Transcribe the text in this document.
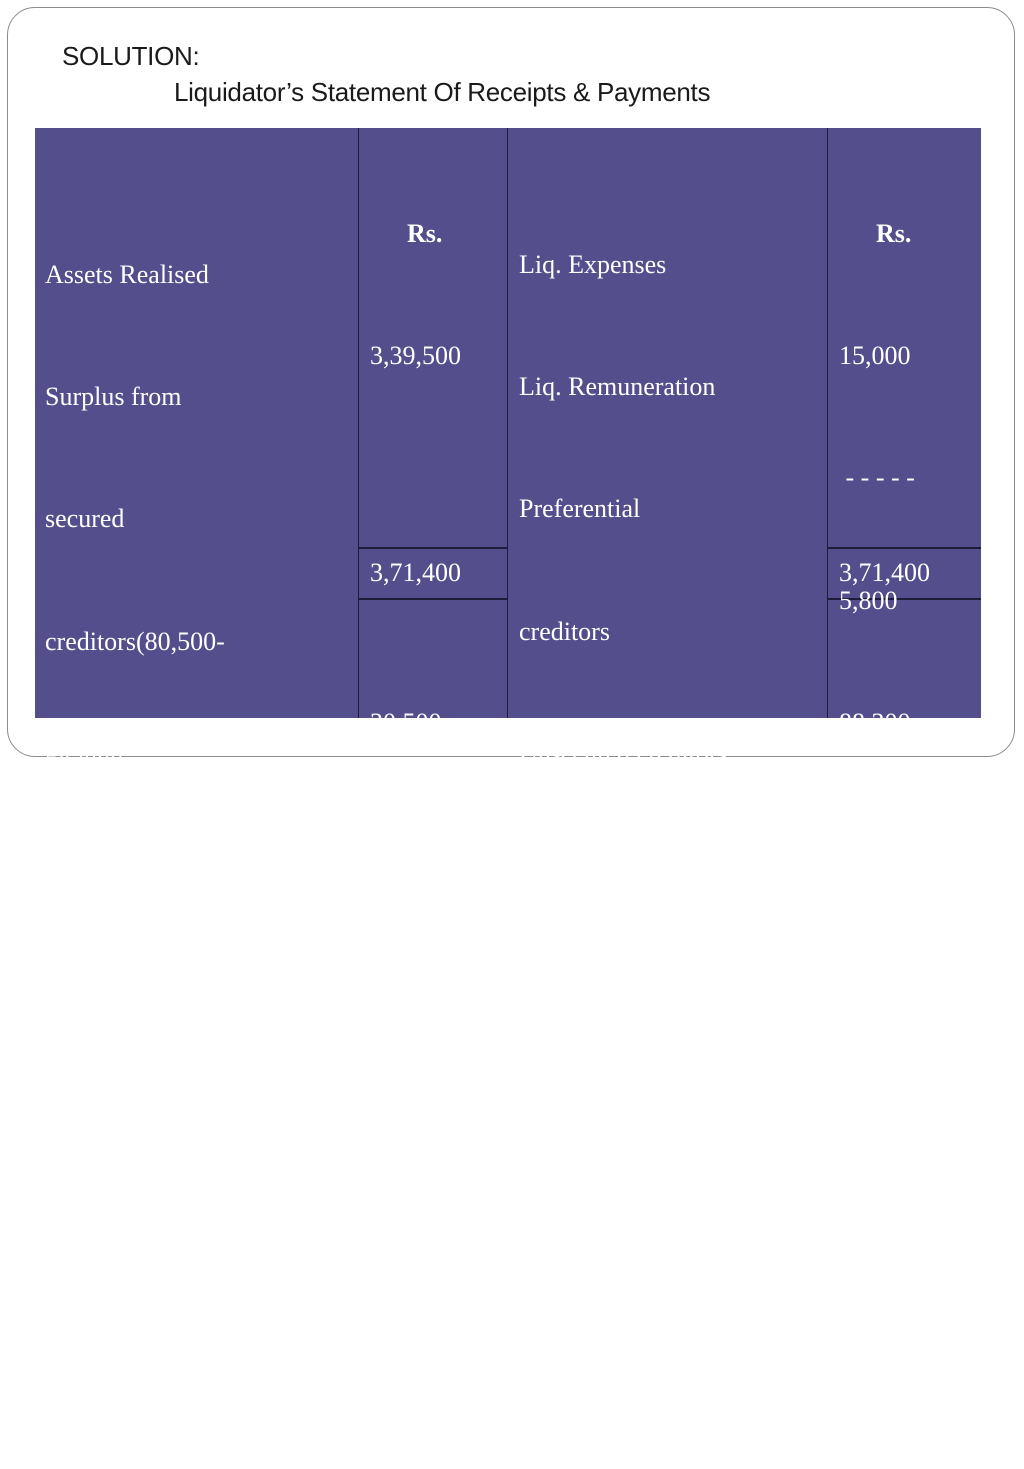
SOLUTION:
Liquidator’s Statement Of Receipts & Payments

Assets Realised

Surplus from

secured

creditors(80,500-

50,000)

Call on equity

share(C=I,400sh.

@1)

Rs.

3,39,500

30,500

1,400

3,71,400

Liq. Expenses

Liq. Remuneration

Preferential

creditors

Unsecured creditors

Preference Sh.

Holder

Equity Sh. Holder

A=2000sh.@24

B=16,000sh.@9

Rs.

15,000

- - - - -

5,800

88,200

2,00,000

48,000

14,400

3,71,400
